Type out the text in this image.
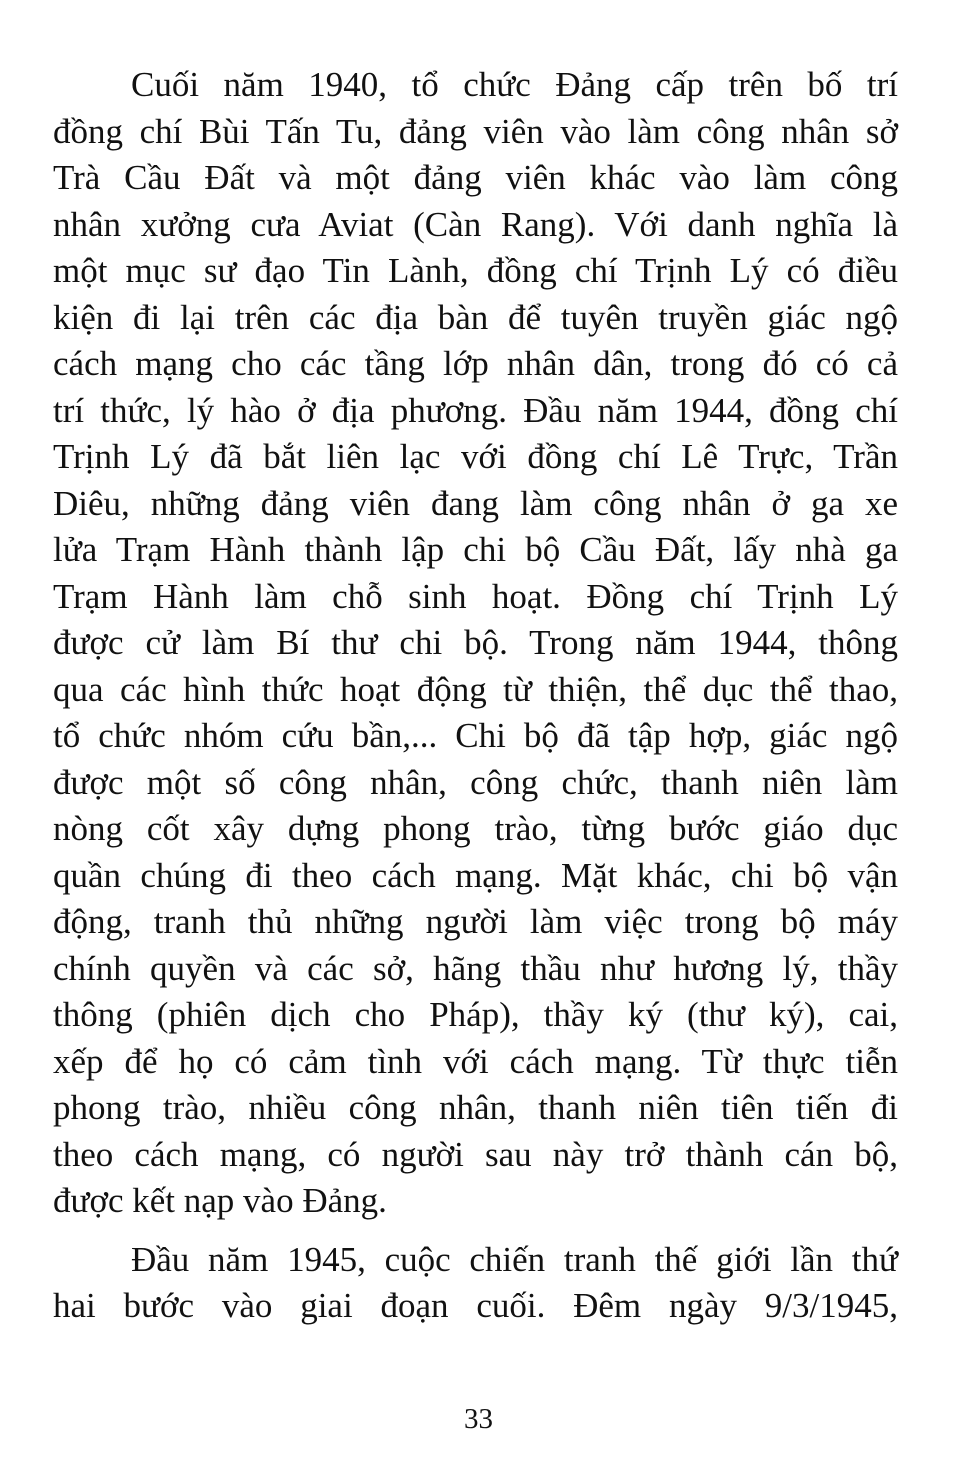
Cuối năm 1940, tổ chức Đảng cấp trên bố trí
đồng chí Bùi Tấn Tu, đảng viên vào làm công nhân sở
Trà Cầu Đất và một đảng viên khác vào làm công
nhân xưởng cưa Aviat (Càn Rang). Với danh nghĩa là
một mục sư đạo Tin Lành, đồng chí Trịnh Lý có điều
kiện đi lại trên các địa bàn để tuyên truyền giác ngộ
cách mạng cho các tầng lớp nhân dân, trong đó có cả
trí thức, lý hào ở địa phương. Đầu năm 1944, đồng chí
Trịnh Lý đã bắt liên lạc với đồng chí Lê Trực, Trần
Diêu, những đảng viên đang làm công nhân ở ga xe
lửa Trạm Hành thành lập chi bộ Cầu Đất, lấy nhà ga
Trạm Hành làm chỗ sinh hoạt. Đồng chí Trịnh Lý
được cử làm Bí thư chi bộ. Trong năm 1944, thông
qua các hình thức hoạt động từ thiện, thể dục thể thao,
tổ chức nhóm cứu bần,... Chi bộ đã tập hợp, giác ngộ
được một số công nhân, công chức, thanh niên làm
nòng cốt xây dựng phong trào, từng bước giáo dục
quần chúng đi theo cách mạng. Mặt khác, chi bộ vận
động, tranh thủ những người làm việc trong bộ máy
chính quyền và các sở, hãng thầu như hương lý, thầy
thông (phiên dịch cho Pháp), thầy ký (thư ký), cai,
xếp để họ có cảm tình với cách mạng. Từ thực tiễn
phong trào, nhiều công nhân, thanh niên tiên tiến đi
theo cách mạng, có người sau này trở thành cán bộ,
được kết nạp vào Đảng.
Đầu năm 1945, cuộc chiến tranh thế giới lần thứ
hai bước vào giai đoạn cuối. Đêm ngày 9/3/1945,
33
